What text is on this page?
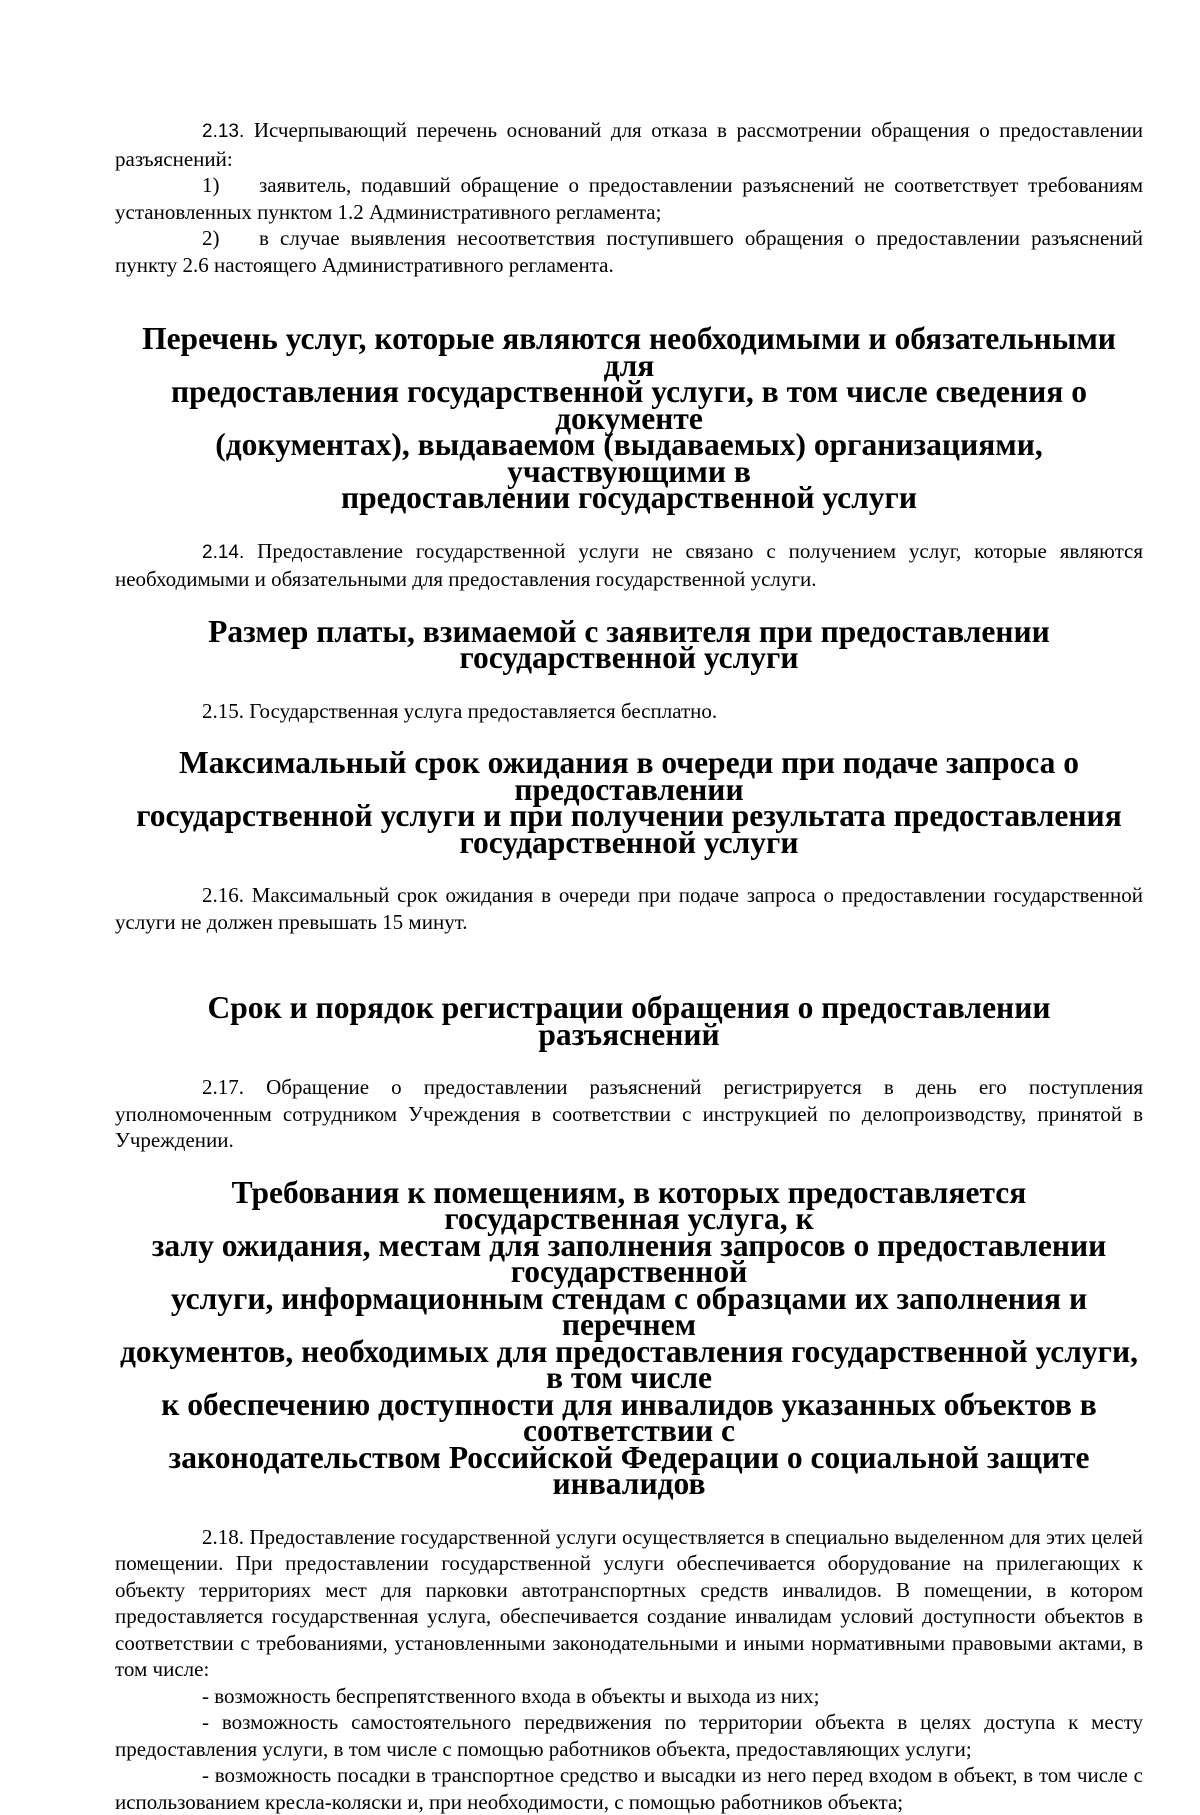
2.13. Исчерпывающий перечень оснований для отказа в рассмотрении обращения о предоставлении разъяснений:

1) заявитель, подавший обращение о предоставлении разъяснений не соответствует требованиям установленных пунктом 1.2 Административного регламента;

2) в случае выявления несоответствия поступившего обращения о предоставлении разъяснений пункту 2.6 настоящего Административного регламента.

Перечень услуг, которые являются необходимыми и обязательными для
предоставления государственной услуги, в том числе сведения о документе
(документах), выдаваемом (выдаваемых) организациями, участвующими в
предоставлении государственной услуги

2.14. Предоставление государственной услуги не связано с получением услуг, которые являются необходимыми и обязательными для предоставления государственной услуги.

Размер платы, взимаемой с заявителя при предоставлении государственной услуги

2.15. Государственная услуга предоставляется бесплатно.

Максимальный срок ожидания в очереди при подаче запроса о предоставлении
государственной услуги и при получении результата предоставления
государственной услуги

2.16. Максимальный срок ожидания в очереди при подаче запроса о предоставлении государственной услуги не должен превышать 15 минут.

Срок и порядок регистрации обращения о предоставлении разъяснений

2.17. Обращение о предоставлении разъяснений регистрируется в день его поступления уполномоченным сотрудником Учреждения в соответствии с инструкцией по делопроизводству, принятой в Учреждении.

Требования к помещениям, в которых предоставляется государственная услуга, к
залу ожидания, местам для заполнения запросов о предоставлении государственной
услуги, информационным стендам с образцами их заполнения и перечнем
документов, необходимых для предоставления государственной услуги, в том числе
к обеспечению доступности для инвалидов указанных объектов в соответствии с
законодательством Российской Федерации о социальной защите инвалидов

2.18. Предоставление государственной услуги осуществляется в специально выделенном для этих целей помещении. При предоставлении государственной услуги обеспечивается оборудование на прилегающих к объекту территориях мест для парковки автотранспортных средств инвалидов. В помещении, в котором предоставляется государственная услуга, обеспечивается создание инвалидам условий доступности объектов в соответствии с требованиями, установленными законодательными и иными нормативными правовыми актами, в том числе:

- возможность беспрепятственного входа в объекты и выхода из них;

- возможность самостоятельного передвижения по территории объекта в целях доступа к месту предоставления услуги, в том числе с помощью работников объекта, предоставляющих услуги;

- возможность посадки в транспортное средство и высадки из него перед входом в объект, в том числе с использованием кресла-коляски и, при необходимости, с помощью работников объекта;
